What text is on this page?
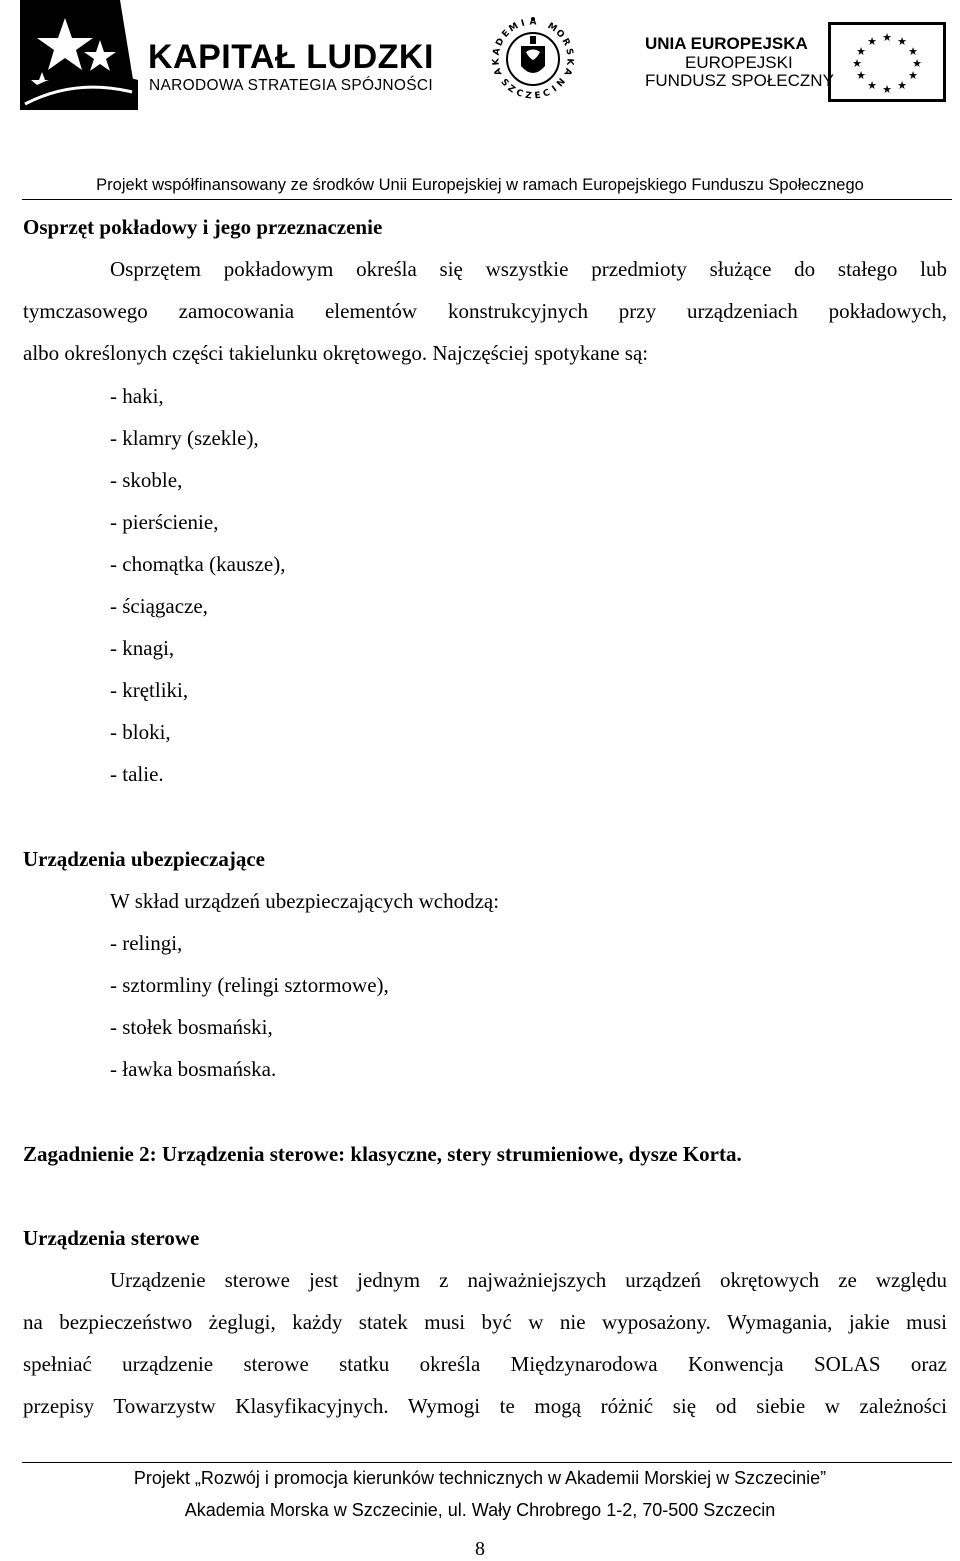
KAPITAŁ LUDZKI
NARODOWA STRATEGIA SPÓJNOŚCI
A
K
A
D
E
M I A M
O
R
S
K
A
S
Z
C Z E C I
N
UNIA EUROPEJSKA
EUROPEJSKI
FUNDUSZ SPOŁECZNY
★ ★
★
★
★
★
★
★
★
★
★
★
Projekt współfinansowany ze środków Unii Europejskiej w ramach Europejskiego Funduszu Społecznego
Osprzęt pokładowy i jego przeznaczenie
Osprzętem pokładowym określa się wszystkie przedmioty służące do stałego lub
tymczasowego zamocowania elementów konstrukcyjnych przy urządzeniach pokładowych,
albo określonych części takielunku okrętowego. Najczęściej spotykane są:
- haki,
- klamry (szekle),
- skoble,
- pierścienie,
- chomątka (kausze),
- ściągacze,
- knagi,
- krętliki,
- bloki,
- talie.
Urządzenia ubezpieczające
W skład urządzeń ubezpieczających wchodzą:
- relingi,
- sztormliny (relingi sztormowe),
- stołek bosmański,
- ławka bosmańska.
Zagadnienie 2: Urządzenia sterowe: klasyczne, stery strumieniowe, dysze Korta.
Urządzenia sterowe
Urządzenie sterowe jest jednym z najważniejszych urządzeń okrętowych ze względu
na bezpieczeństwo żeglugi, każdy statek musi być w nie wyposażony. Wymagania, jakie musi
spełniać urządzenie sterowe statku określa Międzynarodowa Konwencja SOLAS oraz
przepisy Towarzystw Klasyfikacyjnych. Wymogi te mogą różnić się od siebie w zależności
Projekt „Rozwój i promocja kierunków technicznych w Akademii Morskiej w Szczecinie”
Akademia Morska w Szczecinie, ul. Wały Chrobrego 1-2, 70-500 Szczecin
8
